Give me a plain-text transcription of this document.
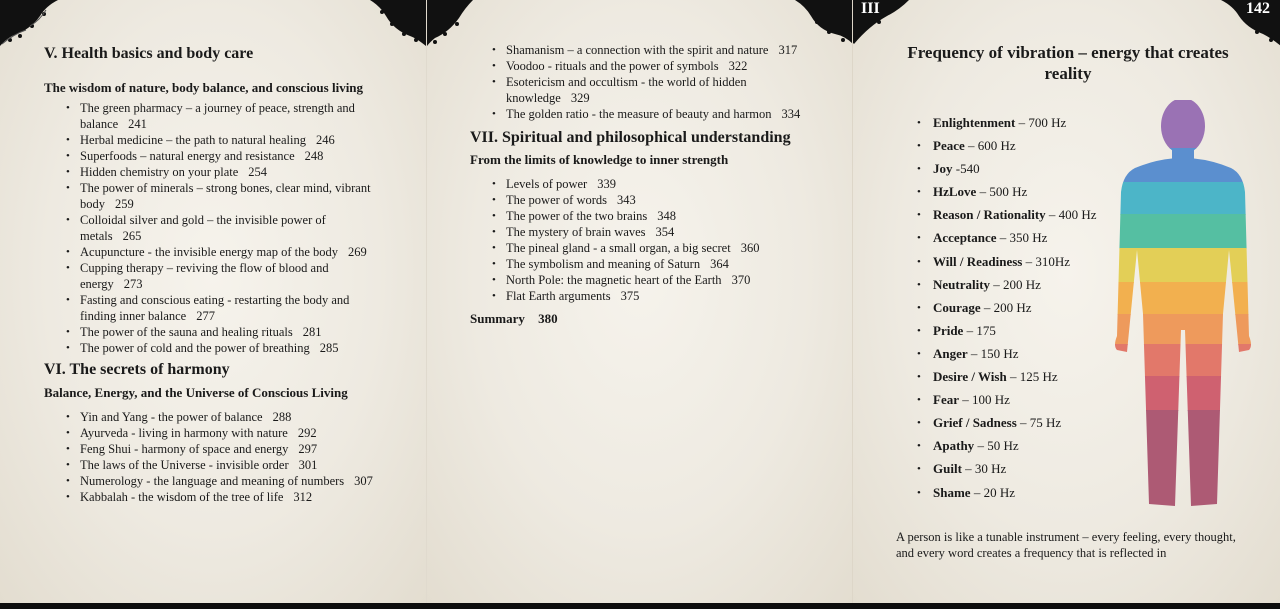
V. Health basics and body care
The wisdom of nature, body balance, and conscious living
• The green pharmacy – a journey of peace, strength and balance 241
• Herbal medicine – the path to natural healing 246
• Superfoods – natural energy and resistance 248
• Hidden chemistry on your plate 254
• The power of minerals – strong bones, clear mind, vibrant body 259
• Colloidal silver and gold – the invisible power of metals 265
• Acupuncture - the invisible energy map of the body 269
• Cupping therapy – reviving the flow of blood and energy 273
• Fasting and conscious eating - restarting the body and finding inner balance 277
• The power of the sauna and healing rituals 281
• The power of cold and the power of breathing 285
VI. The secrets of harmony
Balance, Energy, and the Universe of Conscious Living
• Yin and Yang - the power of balance 288
• Ayurveda - living in harmony with nature 292
• Feng Shui - harmony of space and energy 297
• The laws of the Universe - invisible order 301
• Numerology - the language and meaning of numbers 307
• Kabbalah - the wisdom of the tree of life 312
• Shamanism – a connection with the spirit and nature 317
• Voodoo - rituals and the power of symbols 322
• Esotericism and occultism - the world of hidden knowledge 329
• The golden ratio - the measure of beauty and harmon 334
VII. Spiritual and philosophical understanding
From the limits of knowledge to inner strength
• Levels of power 339
• The power of words 343
• The power of the two brains 348
• The mystery of brain waves 354
• The pineal gland - a small organ, a big secret 360
• The symbolism and meaning of Saturn 364
• North Pole: the magnetic heart of the Earth 370
• Flat Earth arguments 375
Summary 380
III	142
Frequency of vibration – energy that creates reality
• Enlightenment – 700 Hz
• Peace – 600 Hz
• Joy -540
• HzLove – 500 Hz
• Reason / Rationality – 400 Hz
• Acceptance – 350 Hz
• Will / Readiness – 310Hz
• Neutrality – 200 Hz
• Courage – 200 Hz
• Pride – 175
• Anger – 150 Hz
• Desire / Wish – 125 Hz
• Fear – 100 Hz
• Grief / Sadness – 75 Hz
• Apathy – 50 Hz
• Guilt – 30 Hz
• Shame – 20 Hz
A person is like a tunable instrument – every feeling, every thought, and every word creates a frequency that is reflected in
